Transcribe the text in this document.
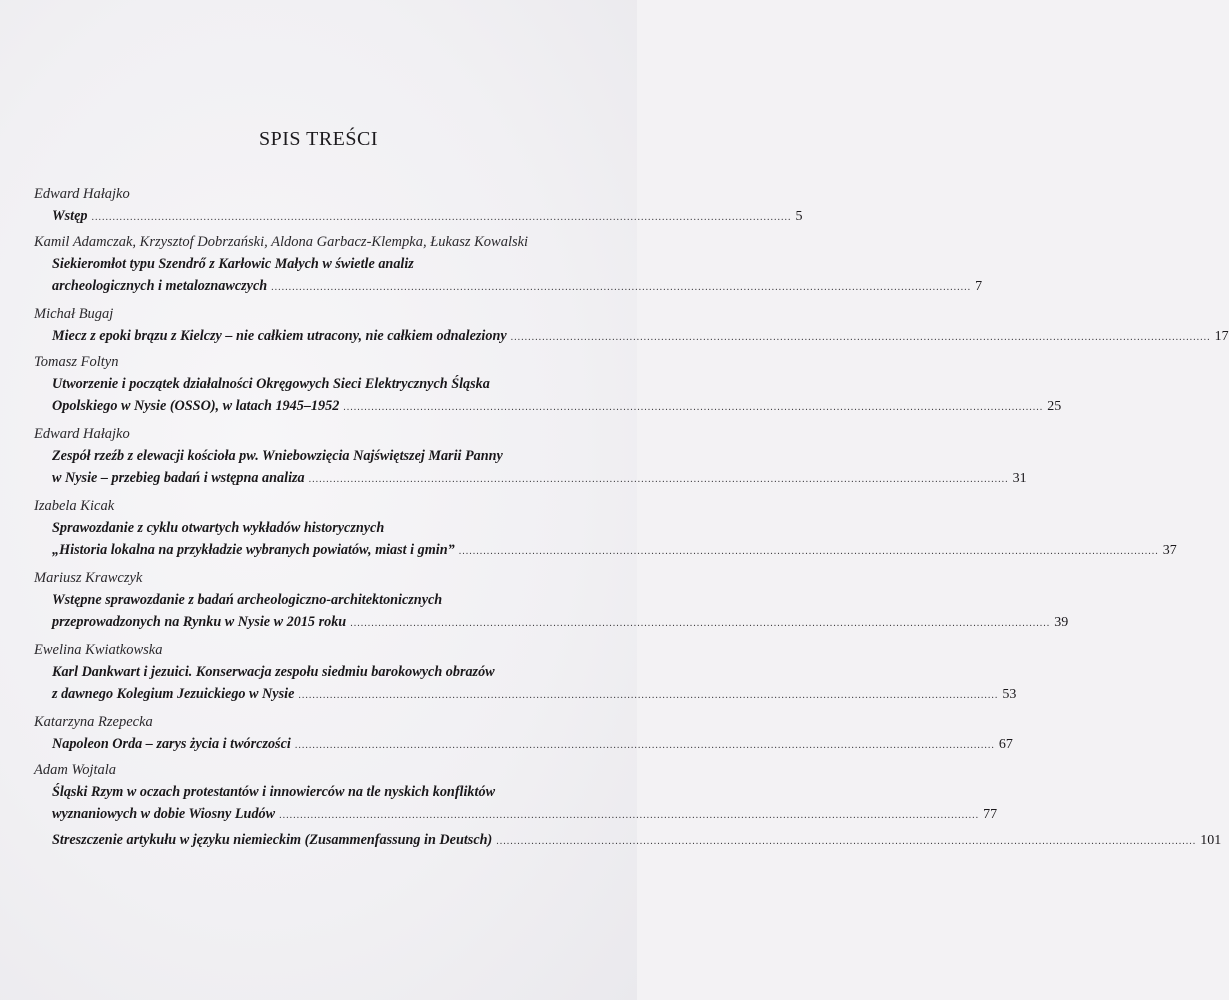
SPIS TREŚCI
Edward Hałajko
Wstęp ........................................................................................................................................................................................................ 5
Kamil Adamczak, Krzysztof Dobrzański, Aldona Garbacz-Klempka, Łukasz Kowalski
Siekieromłot typu Szendrő z Karłowic Małych w świetle analiz
archeologicznych i metaloznawczych ........................................................................................................................................................................................................ 7
Michał Bugaj
Miecz z epoki brązu z Kielczy – nie całkiem utracony, nie całkiem odnaleziony ........................................................................................................................................................................................................ 17
Tomasz Foltyn
Utworzenie i początek działalności Okręgowych Sieci Elektrycznych Śląska
Opolskiego w Nysie (OSSO), w latach 1945–1952 ........................................................................................................................................................................................................ 25
Edward Hałajko
Zespół rzeźb z elewacji kościoła pw. Wniebowzięcia Najświętszej Marii Panny
w Nysie – przebieg badań i wstępna analiza ........................................................................................................................................................................................................ 31
Izabela Kicak
Sprawozdanie z cyklu otwartych wykładów historycznych
„Historia lokalna na przykładzie wybranych powiatów, miast i gmin” ........................................................................................................................................................................................................ 37
Mariusz Krawczyk
Wstępne sprawozdanie z badań archeologiczno-architektonicznych
przeprowadzonych na Rynku w Nysie w 2015 roku ........................................................................................................................................................................................................ 39
Ewelina Kwiatkowska
Karl Dankwart i jezuici. Konserwacja zespołu siedmiu barokowych obrazów
z dawnego Kolegium Jezuickiego w Nysie ........................................................................................................................................................................................................ 53
Katarzyna Rzepecka
Napoleon Orda – zarys życia i twórczości ........................................................................................................................................................................................................ 67
Adam Wojtala
Śląski Rzym w oczach protestantów i innowierców na tle nyskich konfliktów
wyznaniowych w dobie Wiosny Ludów ........................................................................................................................................................................................................ 77
Streszczenie artykułu w języku niemieckim (Zusammenfassung in Deutsch) ........................................................................................................................................................................................................ 101
